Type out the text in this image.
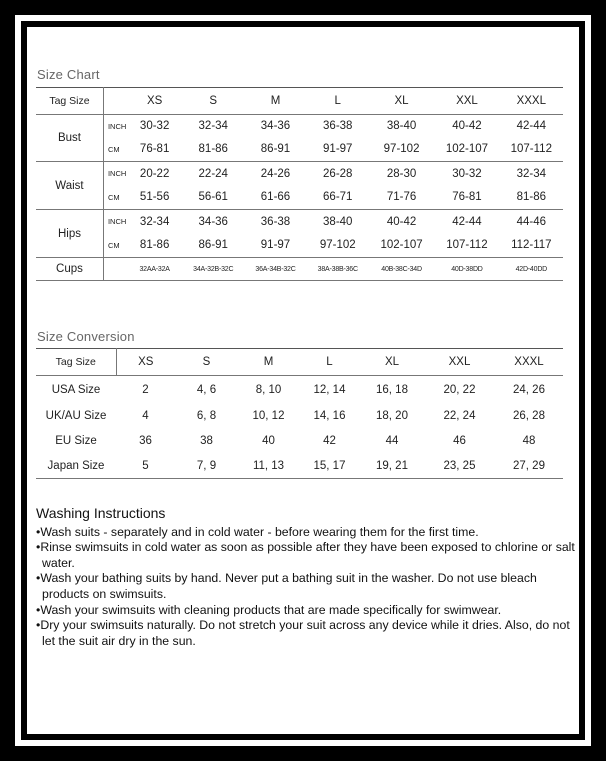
Size Chart
Tag Size		XS	S	M	L	XL	XXL	XXXL
Bust	INCH	30-32	32-34	34-36	36-38	38-40	40-42	42-44
	CM	76-81	81-86	86-91	91-97	97-102	102-107	107-112
Waist	INCH	20-22	22-24	24-26	26-28	28-30	30-32	32-34
	CM	51-56	56-61	61-66	66-71	71-76	76-81	81-86
Hips	INCH	32-34	34-36	36-38	38-40	40-42	42-44	44-46
	CM	81-86	86-91	91-97	97-102	102-107	107-112	112-117
Cups		32AA-32A	34A-32B-32C	36A-34B-32C	38A-38B-36C	40B-38C-34D	40D-38DD	42D-40DD
Size Conversion
Tag Size	XS	S	M	L	XL	XXL	XXXL
USA Size	2	4, 6	8, 10	12, 14	16, 18	20, 22	24, 26
UK/AU Size	4	6, 8	10, 12	14, 16	18, 20	22, 24	26, 28
EU Size	36	38	40	42	44	46	48
Japan Size	5	7, 9	11, 13	15, 17	19, 21	23, 25	27, 29
Washing Instructions
• Wash suits - separately and in cold water - before wearing them for the first time.
• Rinse swimsuits in cold water as soon as possible after they have been exposed to chlorine or salt water.
• Wash your bathing suits by hand. Never put a bathing suit in the washer. Do not use bleach products on swimsuits.
• Wash your swimsuits with cleaning products that are made specifically for swimwear.
• Dry your swimsuits naturally. Do not stretch your suit across any device while it dries. Also, do not let the suit air dry in the sun.
